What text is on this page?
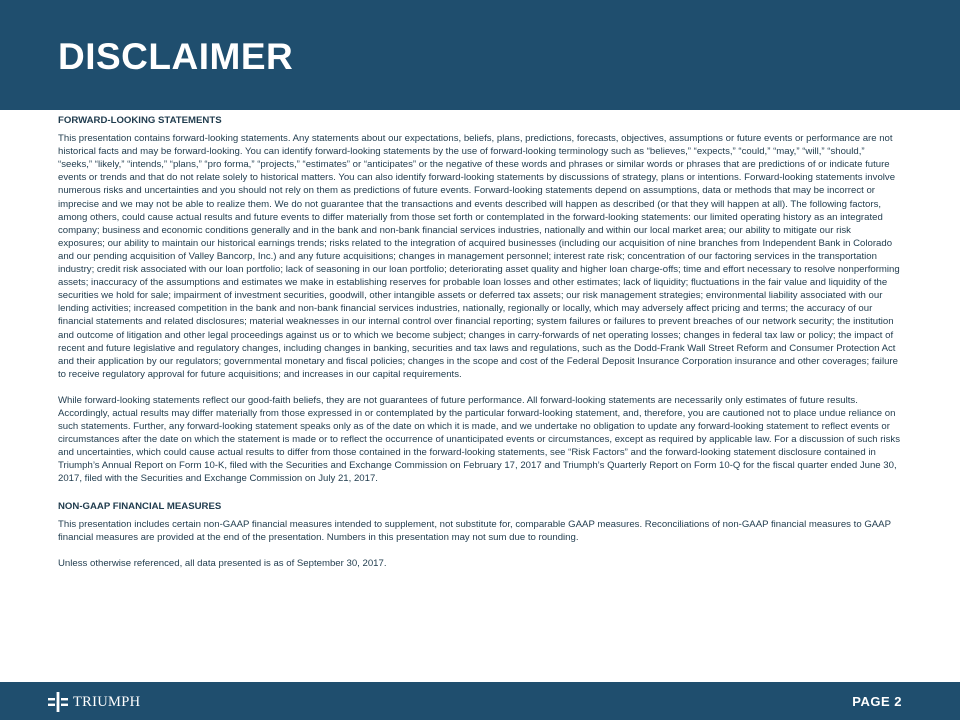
DISCLAIMER
FORWARD-LOOKING STATEMENTS

This presentation contains forward-looking statements. Any statements about our expectations, beliefs, plans, predictions, forecasts, objectives, assumptions or future events or performance are not historical facts and may be forward-looking. You can identify forward-looking statements by the use of forward-looking terminology such as “believes,” “expects,” “could,” “may,” “will,” “should,” “seeks,” “likely,” “intends,” “plans,” “pro forma,” “projects,” “estimates” or “anticipates” or the negative of these words and phrases or similar words or phrases that are predictions of or indicate future events or trends and that do not relate solely to historical matters. You can also identify forward-looking statements by discussions of strategy, plans or intentions. Forward-looking statements involve numerous risks and uncertainties and you should not rely on them as predictions of future events. Forward-looking statements depend on assumptions, data or methods that may be incorrect or imprecise and we may not be able to realize them. We do not guarantee that the transactions and events described will happen as described (or that they will happen at all). The following factors, among others, could cause actual results and future events to differ materially from those set forth or contemplated in the forward-looking statements: our limited operating history as an integrated company; business and economic conditions generally and in the bank and non-bank financial services industries, nationally and within our local market area; our ability to mitigate our risk exposures; our ability to maintain our historical earnings trends; risks related to the integration of acquired businesses (including our acquisition of nine branches from Independent Bank in Colorado and our pending acquisition of Valley Bancorp, Inc.) and any future acquisitions; changes in management personnel; interest rate risk; concentration of our factoring services in the transportation industry; credit risk associated with our loan portfolio; lack of seasoning in our loan portfolio; deteriorating asset quality and higher loan charge-offs; time and effort necessary to resolve nonperforming assets; inaccuracy of the assumptions and estimates we make in establishing reserves for probable loan losses and other estimates; lack of liquidity; fluctuations in the fair value and liquidity of the securities we hold for sale; impairment of investment securities, goodwill, other intangible assets or deferred tax assets; our risk management strategies; environmental liability associated with our lending activities; increased competition in the bank and non-bank financial services industries, nationally, regionally or locally, which may adversely affect pricing and terms; the accuracy of our financial statements and related disclosures; material weaknesses in our internal control over financial reporting; system failures or failures to prevent breaches of our network security; the institution and outcome of litigation and other legal proceedings against us or to which we become subject; changes in carry-forwards of net operating losses; changes in federal tax law or policy; the impact of recent and future legislative and regulatory changes, including changes in banking, securities and tax laws and regulations, such as the Dodd-Frank Wall Street Reform and Consumer Protection Act and their application by our regulators; governmental monetary and fiscal policies; changes in the scope and cost of the Federal Deposit Insurance Corporation insurance and other coverages; failure to receive regulatory approval for future acquisitions; and increases in our capital requirements.

While forward-looking statements reflect our good-faith beliefs, they are not guarantees of future performance. All forward-looking statements are necessarily only estimates of future results. Accordingly, actual results may differ materially from those expressed in or contemplated by the particular forward-looking statement, and, therefore, you are cautioned not to place undue reliance on such statements. Further, any forward-looking statement speaks only as of the date on which it is made, and we undertake no obligation to update any forward-looking statement to reflect events or circumstances after the date on which the statement is made or to reflect the occurrence of unanticipated events or circumstances, except as required by applicable law. For a discussion of such risks and uncertainties, which could cause actual results to differ from those contained in the forward-looking statements, see “Risk Factors” and the forward-looking statement disclosure contained in Triumph’s Annual Report on Form 10-K, filed with the Securities and Exchange Commission on February 17, 2017 and Triumph’s Quarterly Report on Form 10-Q for the fiscal quarter ended June 30, 2017, filed with the Securities and Exchange Commission on July 21, 2017.

NON-GAAP FINANCIAL MEASURES

This presentation includes certain non-GAAP financial measures intended to supplement, not substitute for, comparable GAAP measures. Reconciliations of non-GAAP financial measures to GAAP financial measures are provided at the end of the presentation. Numbers in this presentation may not sum due to rounding.

Unless otherwise referenced, all data presented is as of September 30, 2017.

TRIUMPH	PAGE 2
